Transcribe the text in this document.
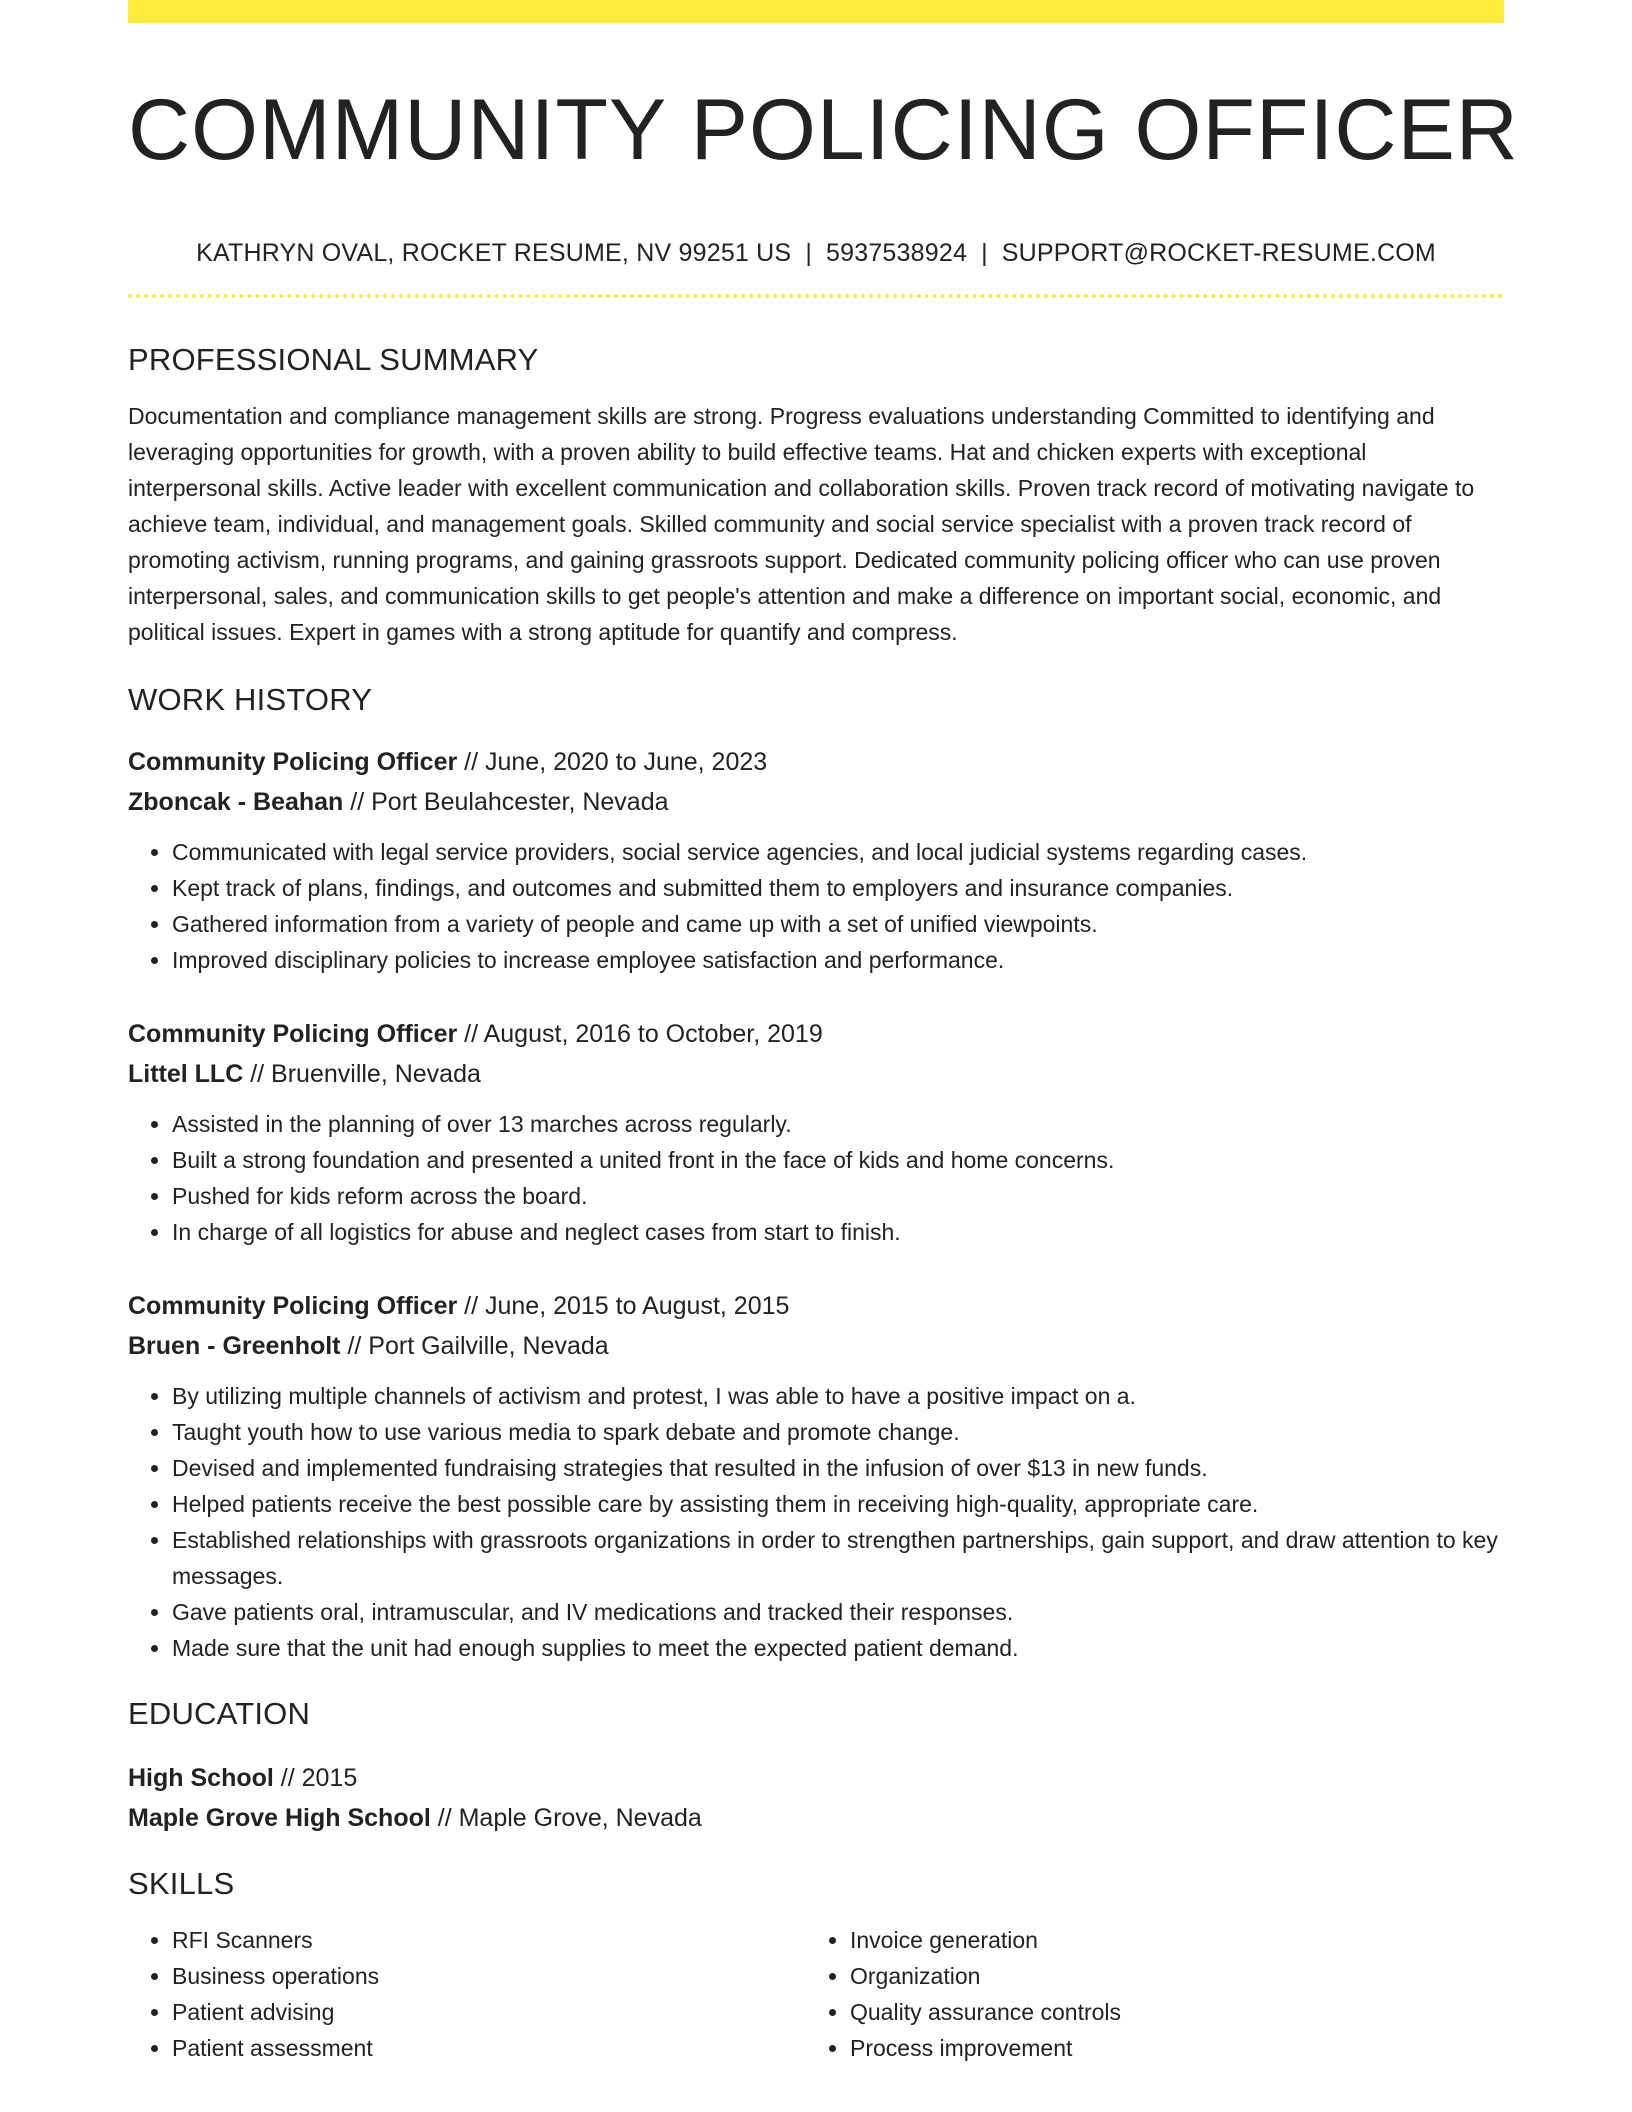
COMMUNITY POLICING OFFICER
KATHRYN OVAL, ROCKET RESUME, NV 99251 US | 5937538924 | SUPPORT@ROCKET-RESUME.COM
PROFESSIONAL SUMMARY

Documentation and compliance management skills are strong. Progress evaluations understanding Committed to identifying and leveraging opportunities for growth, with a proven ability to build effective teams. Hat and chicken experts with exceptional interpersonal skills. Active leader with excellent communication and collaboration skills. Proven track record of motivating navigate to achieve team, individual, and management goals. Skilled community and social service specialist with a proven track record of promoting activism, running programs, and gaining grassroots support. Dedicated community policing officer who can use proven interpersonal, sales, and communication skills to get people's attention and make a difference on important social, economic, and political issues. Expert in games with a strong aptitude for quantify and compress.

WORK HISTORY
Community Policing Officer // June, 2020 to June, 2023
Zboncak - Beahan // Port Beulahcester, Nevada
• Communicated with legal service providers, social service agencies, and local judicial systems regarding cases.
• Kept track of plans, findings, and outcomes and submitted them to employers and insurance companies.
• Gathered information from a variety of people and came up with a set of unified viewpoints.
• Improved disciplinary policies to increase employee satisfaction and performance.
Community Policing Officer // August, 2016 to October, 2019
Littel LLC // Bruenville, Nevada
• Assisted in the planning of over 13 marches across regularly.
• Built a strong foundation and presented a united front in the face of kids and home concerns.
• Pushed for kids reform across the board.
• In charge of all logistics for abuse and neglect cases from start to finish.
Community Policing Officer // June, 2015 to August, 2015
Bruen - Greenholt // Port Gailville, Nevada
• By utilizing multiple channels of activism and protest, I was able to have a positive impact on a.
• Taught youth how to use various media to spark debate and promote change.
• Devised and implemented fundraising strategies that resulted in the infusion of over $13 in new funds.
• Helped patients receive the best possible care by assisting them in receiving high-quality, appropriate care.
• Established relationships with grassroots organizations in order to strengthen partnerships, gain support, and draw attention to key messages.
• Gave patients oral, intramuscular, and IV medications and tracked their responses.
• Made sure that the unit had enough supplies to meet the expected patient demand.
EDUCATION
High School // 2015
Maple Grove High School // Maple Grove, Nevada
SKILLS
• RFI Scanners
• Business operations
• Patient advising
• Patient assessment
• Invoice generation
• Organization
• Quality assurance controls
• Process improvement
